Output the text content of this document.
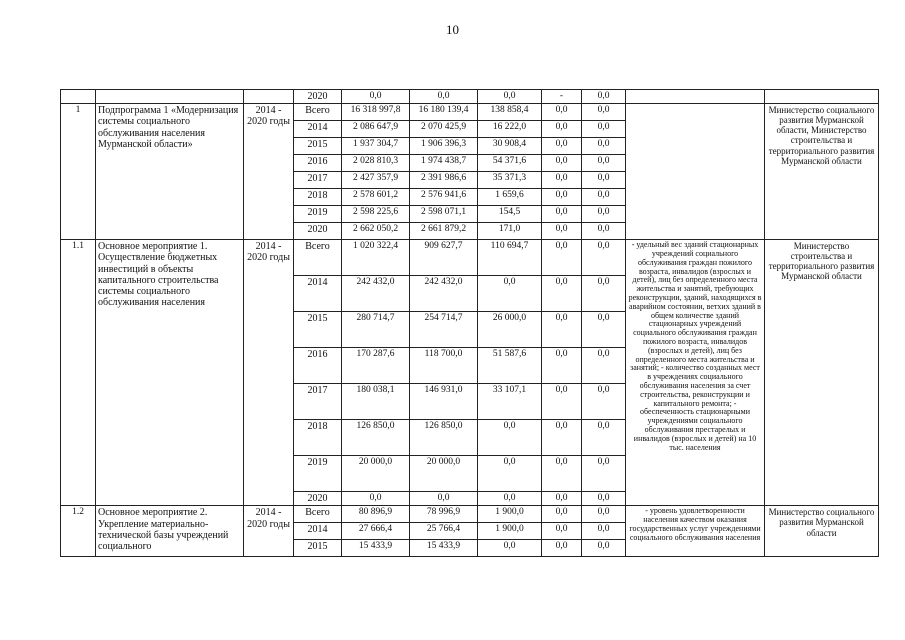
10
			2020	0,0	0,0	0,0	-	0,0		
1	Подпрограмма 1 «Модернизация системы социального обслуживания населения Мурманской области»	2014 - 2020 годы	Всего	16 318 997,8	16 180 139,4	138 858,4	0,0	0,0		Министерство социального развития Мурманской области, Министерство строительства и территориального развития Мурманской области
			2014	2 086 647,9	2 070 425,9	16 222,0	0,0	0,0		
			2015	1 937 304,7	1 906 396,3	30 908,4	0,0	0,0		
			2016	2 028 810,3	1 974 438,7	54 371,6	0,0	0,0		
			2017	2 427 357,9	2 391 986,6	35 371,3	0,0	0,0		
			2018	2 578 601,2	2 576 941,6	1 659,6	0,0	0,0		
			2019	2 598 225,6	2 598 071,1	154,5	0,0	0,0		
			2020	2 662 050,2	2 661 879,2	171,0	0,0	0,0		
1.1	Основное мероприятие 1. Осуществление бюджетных инвестиций в объекты капитального строительства системы социального обслуживания населения	2014 - 2020 годы	Всего	1 020 322,4	909 627,7	110 694,7	0,0	0,0	- удельный вес зданий стационарных учреждений социального обслуживания граждан пожилого возраста, инвалидов (взрослых и детей), лиц без определенного места жительства и занятий, требующих реконструкции, зданий, находящихся в аварийном состоянии, ветхих зданий в общем количестве зданий стационарных учреждений социального обслуживания граждан пожилого возраста, инвалидов (взрослых и детей), лиц без определенного места жительства и занятий; - количество созданных мест в учреждениях социального обслуживания населения за счет строительства, реконструкции и капитального ремонта; - обеспеченность стационарными учреждениями социального обслуживания престарелых и инвалидов (взрослых и детей) на 10 тыс. населения	Министерство строительства и территориального развития Мурманской области
			2014	242 432,0	242 432,0	0,0	0,0	0,0		
			2015	280 714,7	254 714,7	26 000,0	0,0	0,0		
			2016	170 287,6	118 700,0	51 587,6	0,0	0,0		
			2017	180 038,1	146 931,0	33 107,1	0,0	0,0		
			2018	126 850,0	126 850,0	0,0	0,0	0,0		
			2019	20 000,0	20 000,0	0,0	0,0	0,0		
			2020	0,0	0,0	0,0	0,0	0,0		
1.2	Основное мероприятие 2. Укрепление материально-технической базы учреждений социального	2014 - 2020 годы	Всего	80 896,9	78 996,9	1 900,0	0,0	0,0	- уровень удовлетворенности населения качеством оказания государственных услуг учреждениями социального обслуживания населения	Министерство социального развития Мурманской области
			2014	27 666,4	25 766,4	1 900,0	0,0	0,0		
			2015	15 433,9	15 433,9	0,0	0,0	0,0		
